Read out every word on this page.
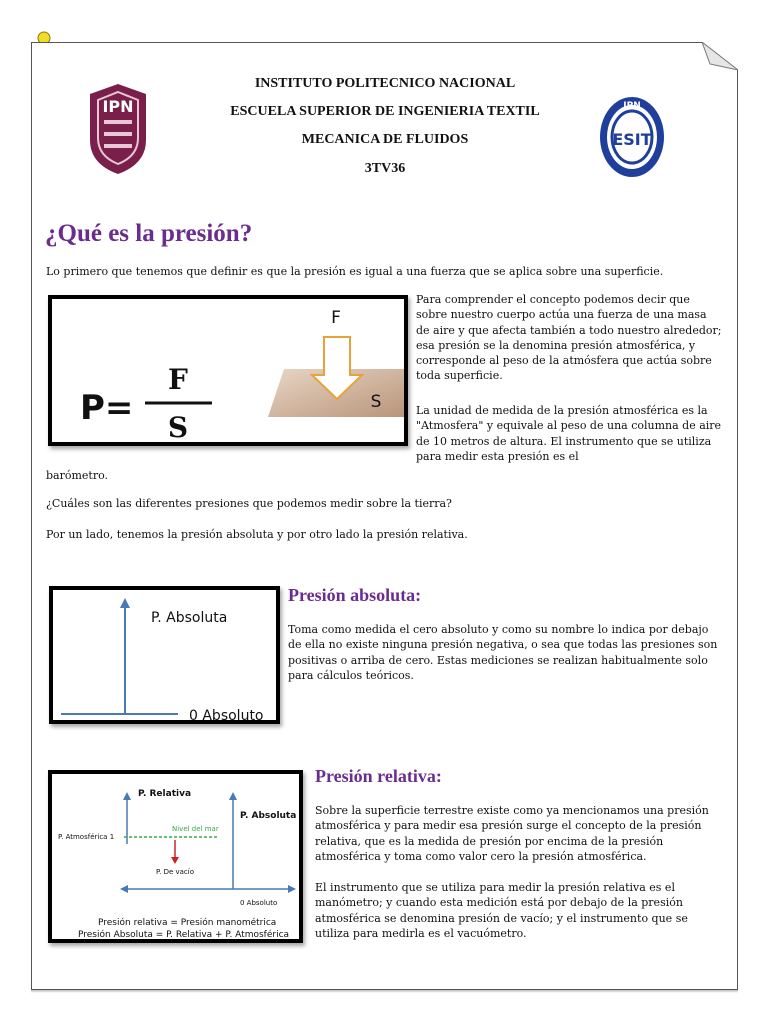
IPN
ESIT
IPN
INSTITUTO POLITECNICO NACIONAL
ESCUELA SUPERIOR DE INGENIERIA TEXTIL
MECANICA DE FLUIDOS
3TV36
¿Qué es la presión?
Lo primero que tenemos que definir es que la presión es igual a una fuerza que se aplica sobre una superficie.
P=
F
S
F
S
Para comprender el concepto podemos decir que sobre nuestro cuerpo actúa una fuerza de una masa de aire y que afecta también a todo nuestro alrededor; esa presión se la denomina presión atmosférica, y corresponde al peso de la atmósfera que actúa sobre toda superficie.
La unidad de medida de la presión atmosférica es la "Atmosfera" y equivale al peso de una columna de aire de 10 metros de altura. El instrumento que se utiliza para medir esta presión es el
barómetro.
¿Cuáles son las diferentes presiones que podemos medir sobre la tierra?
Por un lado, tenemos la presión absoluta y por otro lado la presión relativa.
P. Absoluta
0 Absoluto
Presión absoluta:
Toma como medida el cero absoluto y como su nombre lo indica por debajo de ella no existe ninguna presión negativa, o sea que todas las presiones son positivas o arriba de cero. Estas mediciones se realizan habitualmente solo para cálculos teóricos.
P. Relativa
P. Absoluta
Nivel del mar
P. Atmosférica 1
P. De vacío
0 Absoluto
Presión relativa = Presión manométrica
Presión Absoluta = P. Relativa + P. Atmosférica
Presión relativa:
Sobre la superficie terrestre existe como ya mencionamos una presión atmosférica y para medir esa presión surge el concepto de la presión relativa, que es la medida de presión por encima de la presión atmosférica y toma como valor cero la presión atmosférica.
El instrumento que se utiliza para medir la presión relativa es el manómetro; y cuando esta medición está por debajo de la presión atmosférica se denomina presión de vacío; y el instrumento que se utiliza para medirla es el vacuómetro.
